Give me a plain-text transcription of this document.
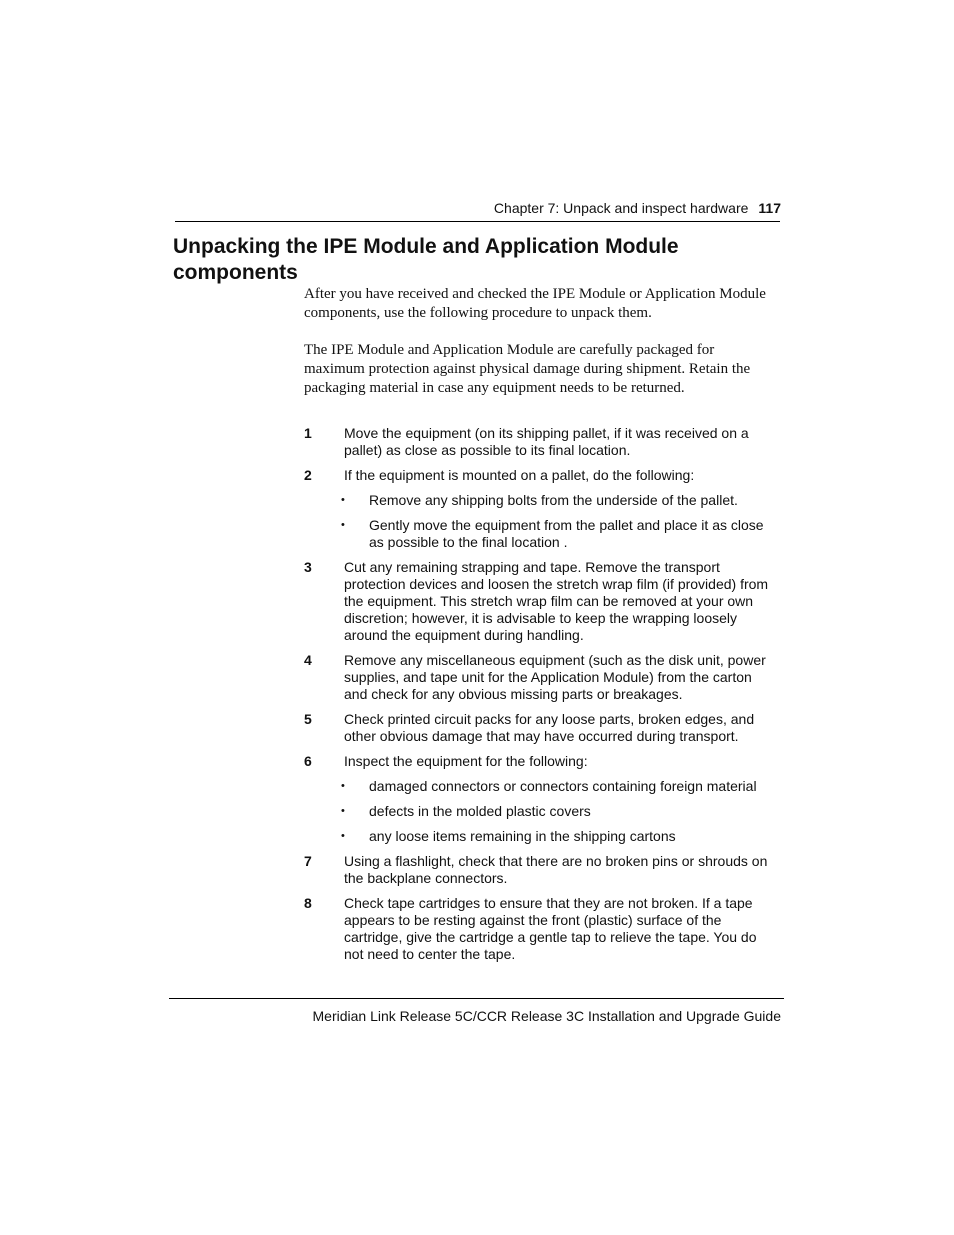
Chapter 7: Unpack and inspect hardware 117
Unpacking the IPE Module and Application Module components

After you have received and checked the IPE Module or Application Module components, use the following procedure to unpack them.

The IPE Module and Application Module are carefully packaged for maximum protection against physical damage during shipment. Retain the packaging material in case any equipment needs to be returned.

1 Move the equipment (on its shipping pallet, if it was received on a pallet) as close as possible to its final location.
2 If the equipment is mounted on a pallet, do the following:
• Remove any shipping bolts from the underside of the pallet.
• Gently move the equipment from the pallet and place it as close as possible to the final location .
3 Cut any remaining strapping and tape. Remove the transport protection devices and loosen the stretch wrap film (if provided) from the equipment. This stretch wrap film can be removed at your own discretion; however, it is advisable to keep the wrapping loosely around the equipment during handling.
4 Remove any miscellaneous equipment (such as the disk unit, power supplies, and tape unit for the Application Module) from the carton and check for any obvious missing parts or breakages.
5 Check printed circuit packs for any loose parts, broken edges, and other obvious damage that may have occurred during transport.
6 Inspect the equipment for the following:
• damaged connectors or connectors containing foreign material
• defects in the molded plastic covers
• any loose items remaining in the shipping cartons
7 Using a flashlight, check that there are no broken pins or shrouds on the backplane connectors.
8 Check tape cartridges to ensure that they are not broken. If a tape appears to be resting against the front (plastic) surface of the cartridge, give the cartridge a gentle tap to relieve the tape. You do not need to center the tape.
Meridian Link Release 5C/CCR Release 3C Installation and Upgrade Guide
